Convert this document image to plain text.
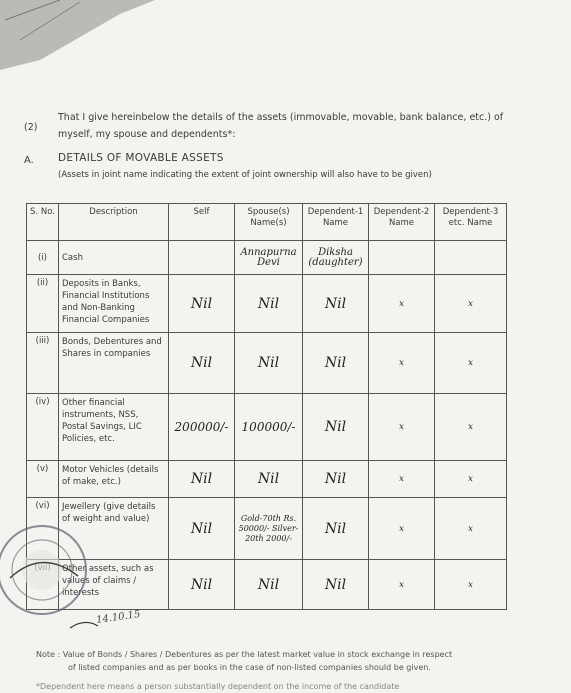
(2)
That I give hereinbelow the details of the assets (immovable, movable, bank balance, etc.) of
myself, my spouse and dependents*:
A. DETAILS OF MOVABLE ASSETS
(Assets in joint name indicating the extent of joint ownership will also have to be given)
S. No.	Description	Self	Spouse(s) Name(s)	Dependent-1 Name	Dependent-2 Name	Dependent-3 etc. Name
(i)	Cash		Annapurna Devi	Diksha (daughter)		
(ii)	Deposits in Banks, Financial Institutions and Non-Banking Financial Companies	Nil	Nil	Nil	x	x
(iii)	Bonds, Debentures and Shares in companies	Nil	Nil	Nil	x	x
(iv)	Other financial instruments, NSS, Postal Savings, LIC Policies, etc.	200000/-	100000/-	Nil	x	x
(v)	Motor Vehicles (details of make, etc.)	Nil	Nil	Nil	x	x
(vi)	Jewellery (give details of weight and value)	Nil	Gold-70th Rs. 50000/- Silver-20th 2000/-	Nil	x	x
	Other assets, such as values of claims / interests	Nil	Nil	Nil	x	x
14.10.15
Note : Value of Bonds / Shares / Debentures as per the latest market value in stock exchange in respect
of listed companies and as per books in the case of non-listed companies should be given.
*Dependent here means a person substantially dependent on the income of the candidate
